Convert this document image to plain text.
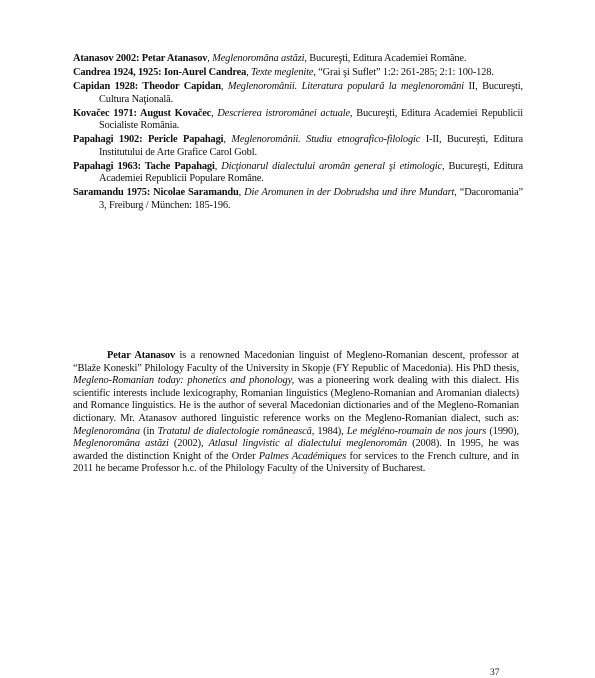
Atanasov 2002: Petar Atanasov, Meglenoromâna astăzi, Bucureşti, Editura Academiei Române.

Candrea 1924, 1925: Ion-Aurel Candrea, Texte meglenite, “Grai şi Suflet” 1:2: 261-285; 2:1: 100-128.

Capidan 1928: Theodor Capidan, Meglenoromânii. Literatura populară la meglenoromâni II, Bucureşti, Cultura Naţională.

Kovačec 1971: August Kovačec, Descrierea istroromânei actuale, Bucureşti, Editura Academiei Republicii Socialiste România.

Papahagi 1902: Pericle Papahagi, Meglenoromânii. Studiu etnografico-filologic I-II, Bucureşti, Editura Institutului de Arte Grafice Carol Gobl.

Papahagi 1963: Tache Papahagi, Dicţionarul dialectului aromân general şi etimologic, Bucureşti, Editura Academiei Republicii Populare Române.

Saramandu 1975: Nicolae Saramandu, Die Aromunen in der Dobrudsha und ihre Mundart, “Dacoromania” 3, Freiburg / München: 185-196.

Petar Atanasov is a renowned Macedonian linguist of Megleno-Romanian descent, professor at “Blaže Koneski” Philology Faculty of the University in Skopje (FY Republic of Macedonia). His PhD thesis, Megleno-Romanian today: phonetics and phonology, was a pioneering work dealing with this dialect. His scientific interests include lexicography, Romanian linguistics (Megleno-Romanian and Aromanian dialects) and Romance linguistics. He is the author of several Macedonian dictionaries and of the Megleno-Romanian dictionary. Mr. Atanasov authored linguistic reference works on the Megleno-Romanian dialect, such as: Meglenoromâna (in Tratatul de dialectologie românească, 1984), Le mégléno-roumain de nos jours (1990), Meglenoromâna astăzi (2002), Atlasul lingvistic al dialectului meglenoromân (2008). In 1995, he was awarded the distinction Knight of the Order Palmes Académiques for services to the French culture, and in 2011 he became Professor h.c. of the Philology Faculty of the University of Bucharest.

37
